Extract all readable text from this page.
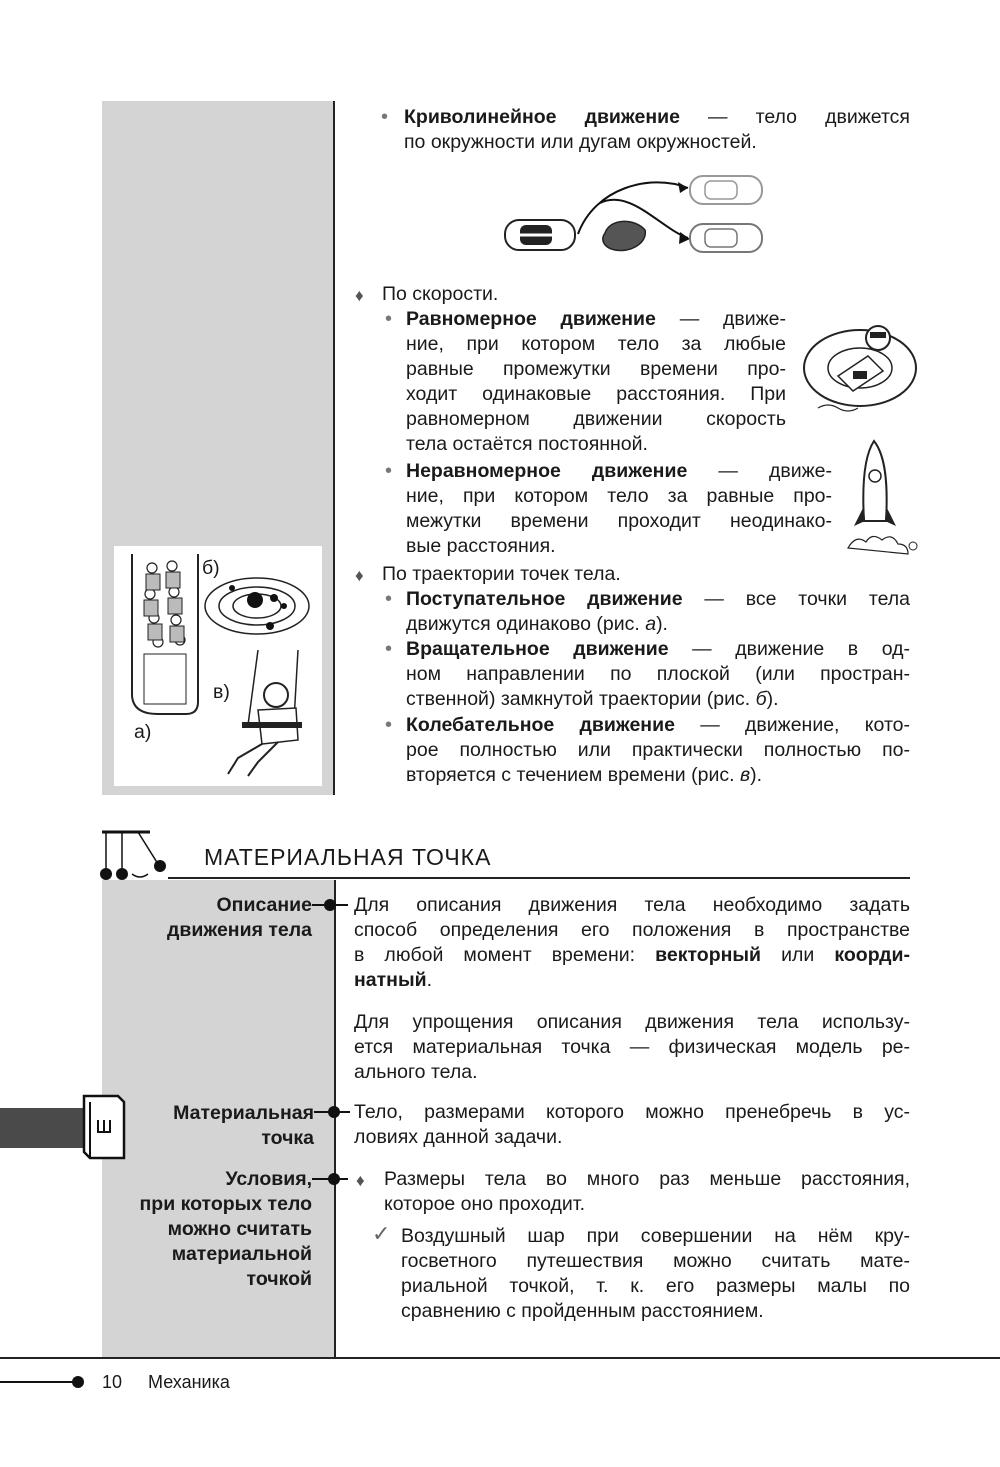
• Криволинейное движение — тело движется
по окружности или дугам окружностей.
♦ По скорости.
• Равномерное движение — движе-
ние, при котором тело за любые
равные промежутки времени про-
ходит одинаковые расстояния. При
равномерном движении скорость
тела остаётся постоянной.
• Неравномерное движение — движе-
ние, при котором тело за равные про-
межутки времени проходит неодинако-
вые расстояния.
б)
в)
а)
♦ По траектории точек тела.
• Поступательное движение — все точки тела
движутся одинаково (рис. а).
• Вращательное движение — движение в од-
ном направлении по плоской (или простран-
ственной) замкнутой траектории (рис. б).
• Колебательное движение — движение, кото-
рое полностью или практически полностью по-
вторяется с течением времени (рис. в).
МАТЕРИАЛЬНАЯ ТОЧКА
Описание
движения тела
Для описания движения тела необходимо задать
способ определения его положения в пространстве
в любой момент времени: векторный или коорди-
натный.
Для упрощения описания движения тела использу-
ется материальная точка — физическая модель ре-
ального тела.
Материальная
точка
Тело, размерами которого можно пренебречь в ус-
ловиях данной задачи.
Условия,
при которых тело
можно считать
материальной
точкой
♦ Размеры тела во много раз меньше расстояния,
которое оно проходит.
✓ Воздушный шар при совершении на нём кру-
госветного путешествия можно считать мате-
риальной точкой, т. к. его размеры малы по
сравнению с пройденным расстоянием.
10 Механика
